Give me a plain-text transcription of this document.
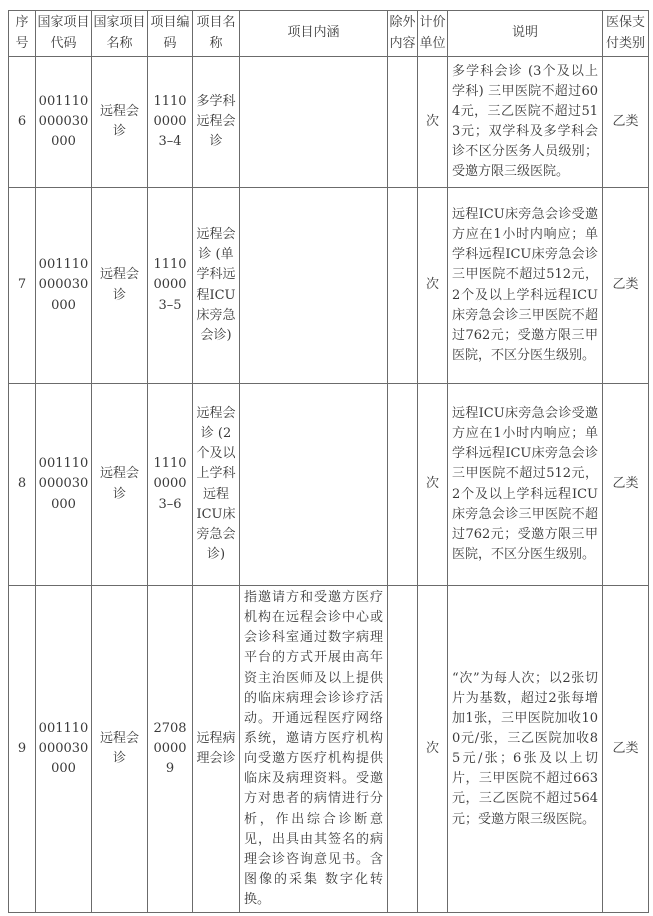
序号	国家项目代码	国家项目名称	项目编码	项目名称	项目内涵	除外内容	计价单位	说明	医保支付类别
6	001110000030000	远程会诊	111000003–4	多学科远程会诊			次	多学科会诊 (3个及以上学科) 三甲医院不超过604元，三乙医院不超过513元；双学科及多学科会诊不区分医务人员级别；受邀方限三级医院。	乙类
7	001110000030000	远程会诊	111000003–5	远程会诊 (单学科远程ICU床旁急会诊)			次	远程ICU床旁急会诊受邀方应在1小时内响应；单学科远程ICU床旁急会诊三甲医院不超过512元，2个及以上学科远程ICU床旁急会诊三甲医院不超过762元；受邀方限三甲医院，不区分医生级别。	乙类
8	001110000030000	远程会诊	111000003–6	远程会诊 (2个及以上学科远程ICU床旁急会诊)			次	远程ICU床旁急会诊受邀方应在1小时内响应；单学科远程ICU床旁急会诊三甲医院不超过512元，2个及以上学科远程ICU床旁急会诊三甲医院不超过762元；受邀方限三甲医院，不区分医生级别。	乙类
9	001110000030000	远程会诊	270800009	远程病理会诊	指邀请方和受邀方医疗机构在远程会诊中心或会诊科室通过数字病理平台的方式开展由高年资主治医师及以上提供的临床病理会诊诊疗活动。开通远程医疗网络系统，邀请方医疗机构向受邀方医疗机构提供临床及病理资料。受邀方对患者的病情进行分析，作出综合诊断意见，出具由其签名的病理会诊咨询意见书。含图像的采集 数字化转换。		次	“次”为每人次；以2张切片为基数，超过2张每增加1张，三甲医院加收100元/张，三乙医院加收85元/张；6张及以上切片，三甲医院不超过663元，三乙医院不超过564元；受邀方限三级医院。	乙类
